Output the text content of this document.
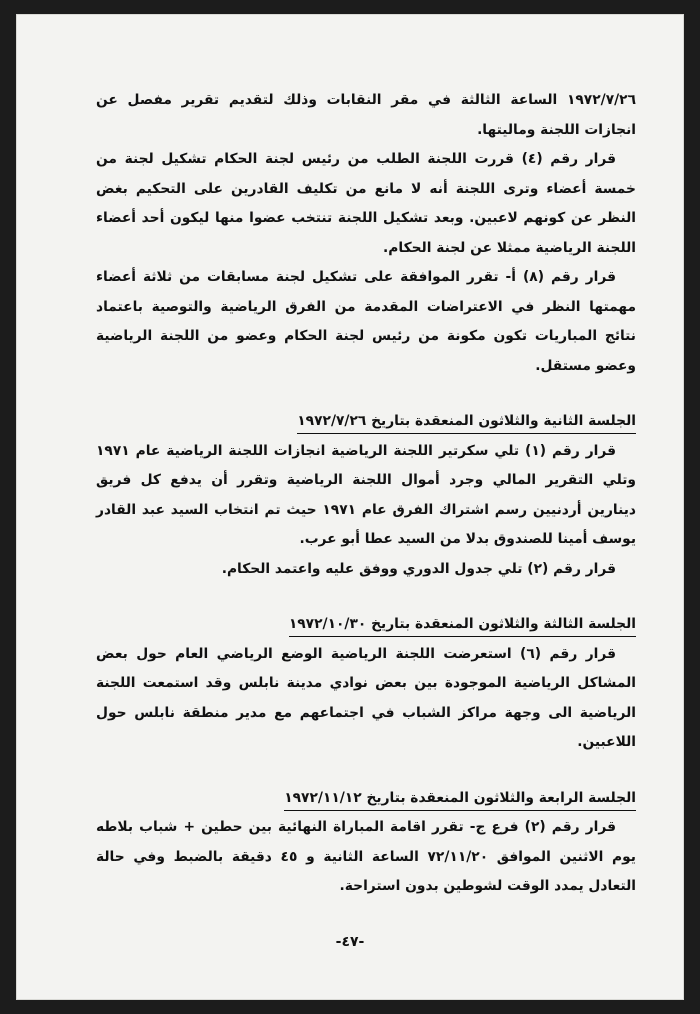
١٩٧٢/٧/٢٦ الساعة الثالثة في مقر النقابات وذلك لتقديم تقرير مفصل عن انجازات اللجنة وماليتها.

قرار رقم (٤) قررت اللجنة الطلب من رئيس لجنة الحكام تشكيل لجنة من خمسة أعضاء وترى اللجنة أنه لا مانع من تكليف القادرين على التحكيم بغض النظر عن كونهم لاعبين. وبعد تشكيل اللجنة تنتخب عضوا منها ليكون أحد أعضاء اللجنة الرياضية ممثلا عن لجنة الحكام.

قرار رقم (٨) أ- تقرر الموافقة على تشكيل لجنة مسابقات من ثلاثة أعضاء مهمتها النظر في الاعتراضات المقدمة من الفرق الرياضية والتوصية باعتماد نتائج المباريات تكون مكونة من رئيس لجنة الحكام وعضو من اللجنة الرياضية وعضو مستقل.

الجلسة الثانية والثلاثون المنعقدة بتاريخ ١٩٧٢/٧/٢٦

قرار رقم (١) تلي سكرتير اللجنة الرياضية انجازات اللجنة الرياضية عام ١٩٧١ وتلي التقرير المالي وجرد أموال اللجنة الرياضية وتقرر أن يدفع كل فريق دينارين أردنيين رسم اشتراك الفرق عام ١٩٧١ حيث تم انتخاب السيد عبد القادر يوسف أمينا للصندوق بدلا من السيد عطا أبو عرب.

قرار رقم (٢) تلي جدول الدوري ووفق عليه واعتمد الحكام.

الجلسة الثالثة والثلاثون المنعقدة بتاريخ ١٩٧٢/١٠/٣٠

قرار رقم (٦) استعرضت اللجنة الرياضية الوضع الرياضي العام حول بعض المشاكل الرياضية الموجودة بين بعض نوادي مدينة نابلس وقد استمعت اللجنة الرياضية الى وجهة مراكز الشباب في اجتماعهم مع مدير منطقة نابلس حول اللاعبين.

الجلسة الرابعة والثلاثون المنعقدة بتاريخ ١٩٧٢/١١/١٢

قرار رقم (٢) فرع ج- تقرر اقامة المباراة النهائية بين حطين + شباب بلاطه يوم الاثنين الموافق ٧٢/١١/٢٠ الساعة الثانية و ٤٥ دقيقة بالضبط وفي حالة التعادل يمدد الوقت لشوطين بدون استراحة.

-٤٧-
